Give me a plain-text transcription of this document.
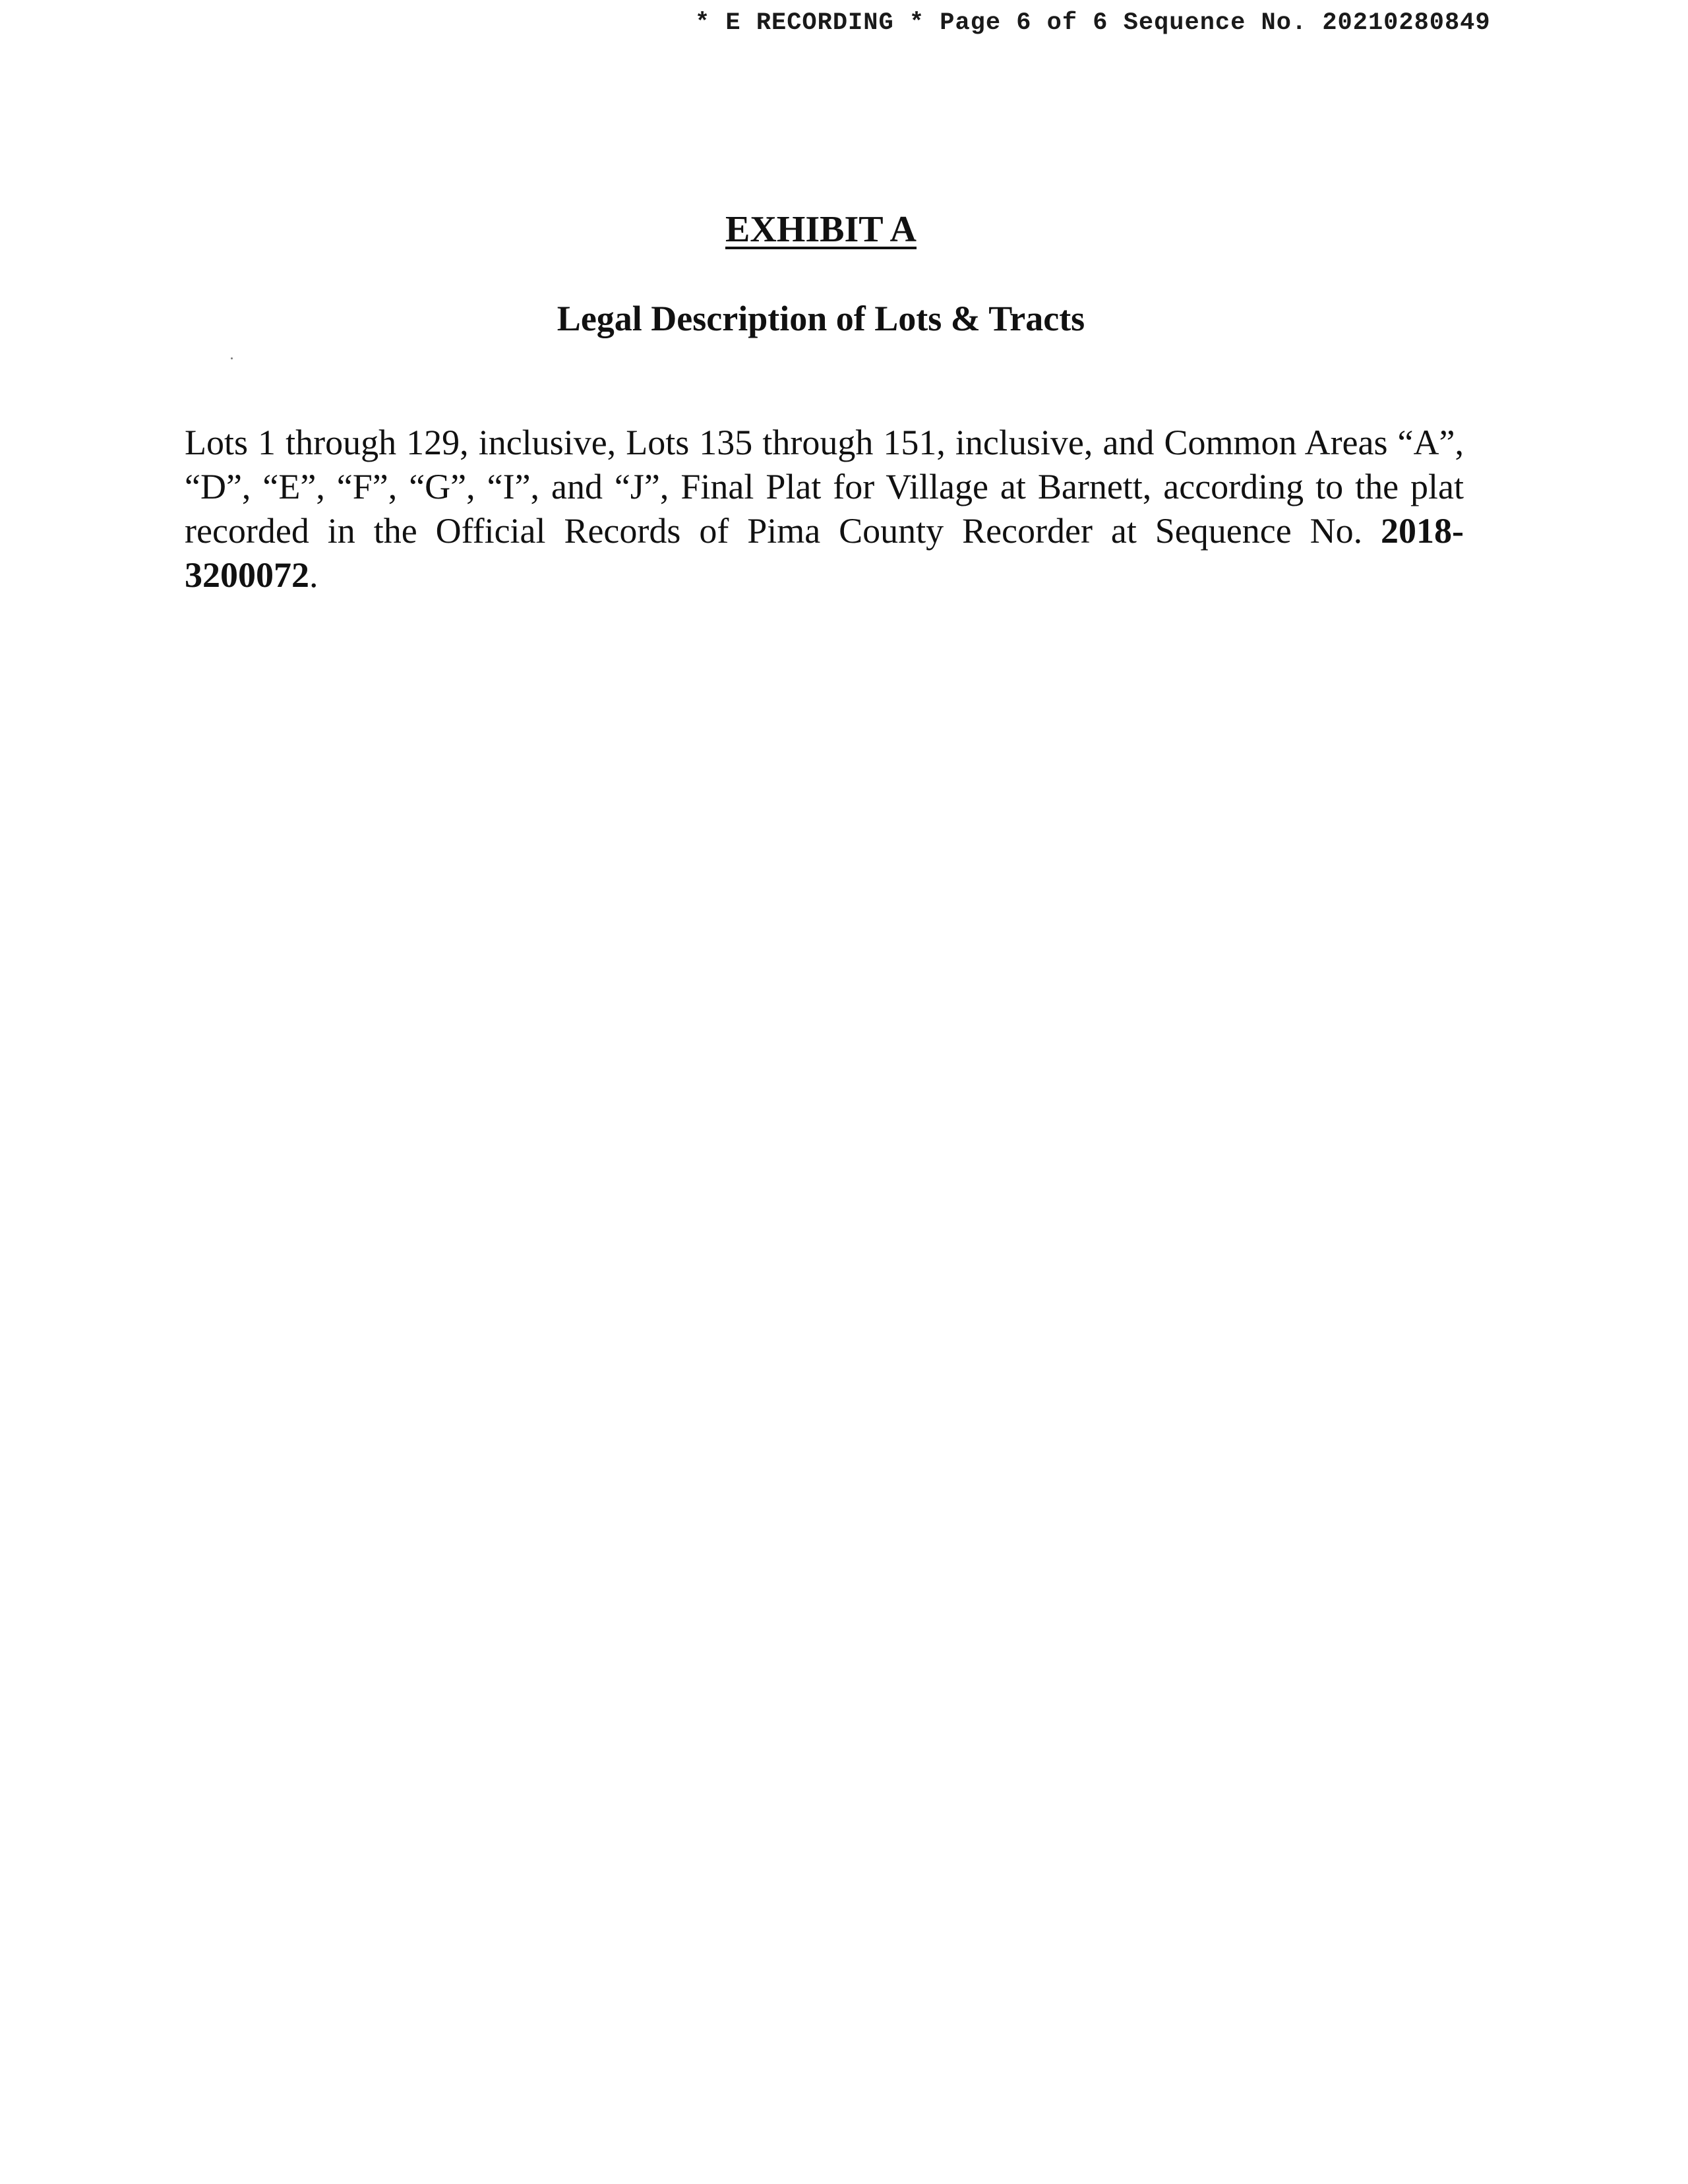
* E RECORDING * Page 6 of 6 Sequence No. 20210280849
EXHIBIT A
Legal Description of Lots & Tracts

Lots 1 through 129, inclusive, Lots 135 through 151, inclusive, and Common Areas “A”, “D”, “E”, “F”, “G”, “I”, and “J”, Final Plat for Village at Barnett, according to the plat recorded in the Official Records of Pima County Recorder at Sequence No. 2018-3200072.
